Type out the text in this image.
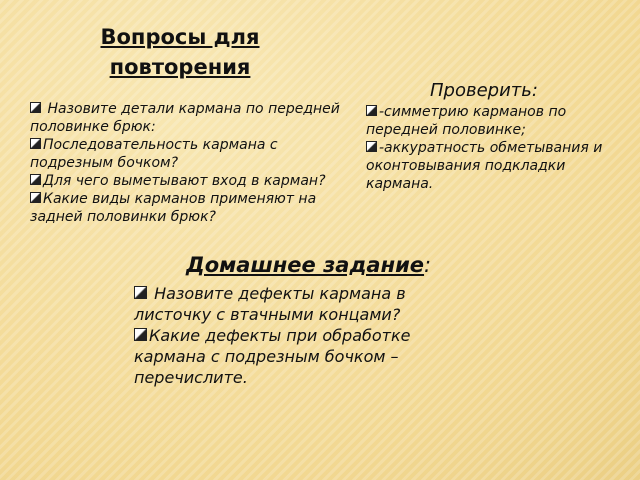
Вопросы для повторения

Назовите детали кармана по передней половинке брюк:

Последовательность кармана с подрезным бочком?

Для чего выметывают вход в карман?

Какие виды карманов применяют на задней половинки брюк?

Проверить:

-симметрию карманов по передней половинке;

-аккуратность обметывания и оконтовывания подкладки кармана.

Домашнее задание:

Назовите дефекты кармана в листочку с втачными концами?

Какие дефекты при обработке кармана с подрезным бочком – перечислите.
